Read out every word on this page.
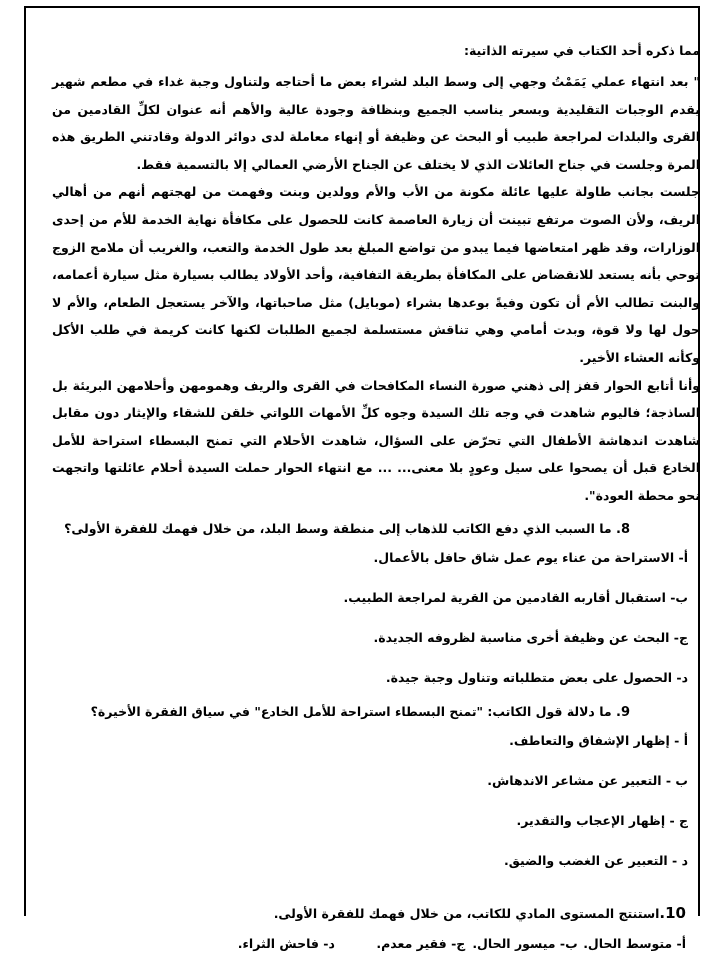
مما ذكره أحد الكتاب في سيرته الذاتية:

" بعد انتهاء عملي يَمَمْتُ وجهي إلى وسط البلد لشراء بعض ما أحتاجه ولتناول وجبة غداء في مطعم شهير يقدم الوجبات التقليدية وبسعر يناسب الجميع وبنظافة وجودة عالية والأهم أنه عنوان لكلِّ القادمين من القرى والبلدات لمراجعة طبيب أو البحث عن وظيفة أو إنهاء معاملة لدى دوائر الدولة وقادتني الطريق هذه المرة وجلست في جناح العائلات الذي لا يختلف عن الجناح الأرضي العمالي إلا بالتسمية فقط.

جلست بجانب طاولة عليها عائلة مكونة من الأب والأم وولدين وبنت وفهمت من لهجتهم أنهم من أهالي الريف، ولأن الصوت مرتفع تبينت أن زيارة العاصمة كانت للحصول على مكافأة نهاية الخدمة للأم من إحدى الوزارات، وقد ظهر امتعاضها فيما يبدو من تواضع المبلغ بعد طول الخدمة والتعب، والغريب أن ملامح الزوج توحي بأنه يستعد للانقضاض على المكافأة بطريقة التفافية، وأحد الأولاد يطالب بسيارة مثل سيارة أعمامه، والبنت تطالب الأم أن تكون وفيةً بوعدها بشراء (موبايل) مثل صاحباتها، والآخر يستعجل الطعام، والأم لا حول لها ولا قوة، وبدت أمامي وهي تناقش مستسلمة لجميع الطلبات لكنها كانت كريمة في طلب الأكل وكأنه العشاء الأخير.

وأنا أتابع الحوار قفز إلى ذهني صورة النساء المكافحات في القرى والريف وهمومهن وأحلامهن البريئة بل الساذجة؛ فاليوم شاهدت في وجه تلك السيدة وجوه كلِّ الأمهات اللواتي خلقن للشقاء والإيثار دون مقابل شاهدت اندهاشة الأطفال التي تحرّض على السؤال، شاهدت الأحلام التي تمنح البسطاء استراحة للأمل الخادع قبل أن يصحوا على سيل وعودٍ بلا معنى... ... مع انتهاء الحوار حملت السيدة أحلام عائلتها واتجهت نحو محطة العودة".

8. ما السبب الذي دفع الكاتب للذهاب إلى منطقة وسط البلد، من خلال فهمك للفقرة الأولى؟
أ- الاستراحة من عناء يوم عمل شاق حافل بالأعمال.
ب- استقبال أقاربه القادمين من القرية لمراجعة الطبيب.
ج- البحث عن وظيفة أخرى مناسبة لظروفه الجديدة.
د- الحصول على بعض متطلباته وتناول وجبة جيدة.
9. ما دلالة قول الكاتب: "تمنح البسطاء استراحة للأمل الخادع" في سياق الفقرة الأخيرة؟
أ - إظهار الإشفاق والتعاطف.
ب - التعبير عن مشاعر الاندهاش.
ج - إظهار الإعجاب والتقدير.
د - التعبير عن الغضب والضيق.
10.استنتج المستوى المادي للكاتب، من خلال فهمك للفقرة الأولى.
أ- متوسط الحال. ب- ميسور الحال. ج- فقير معدم. د- فاحش الثراء.
